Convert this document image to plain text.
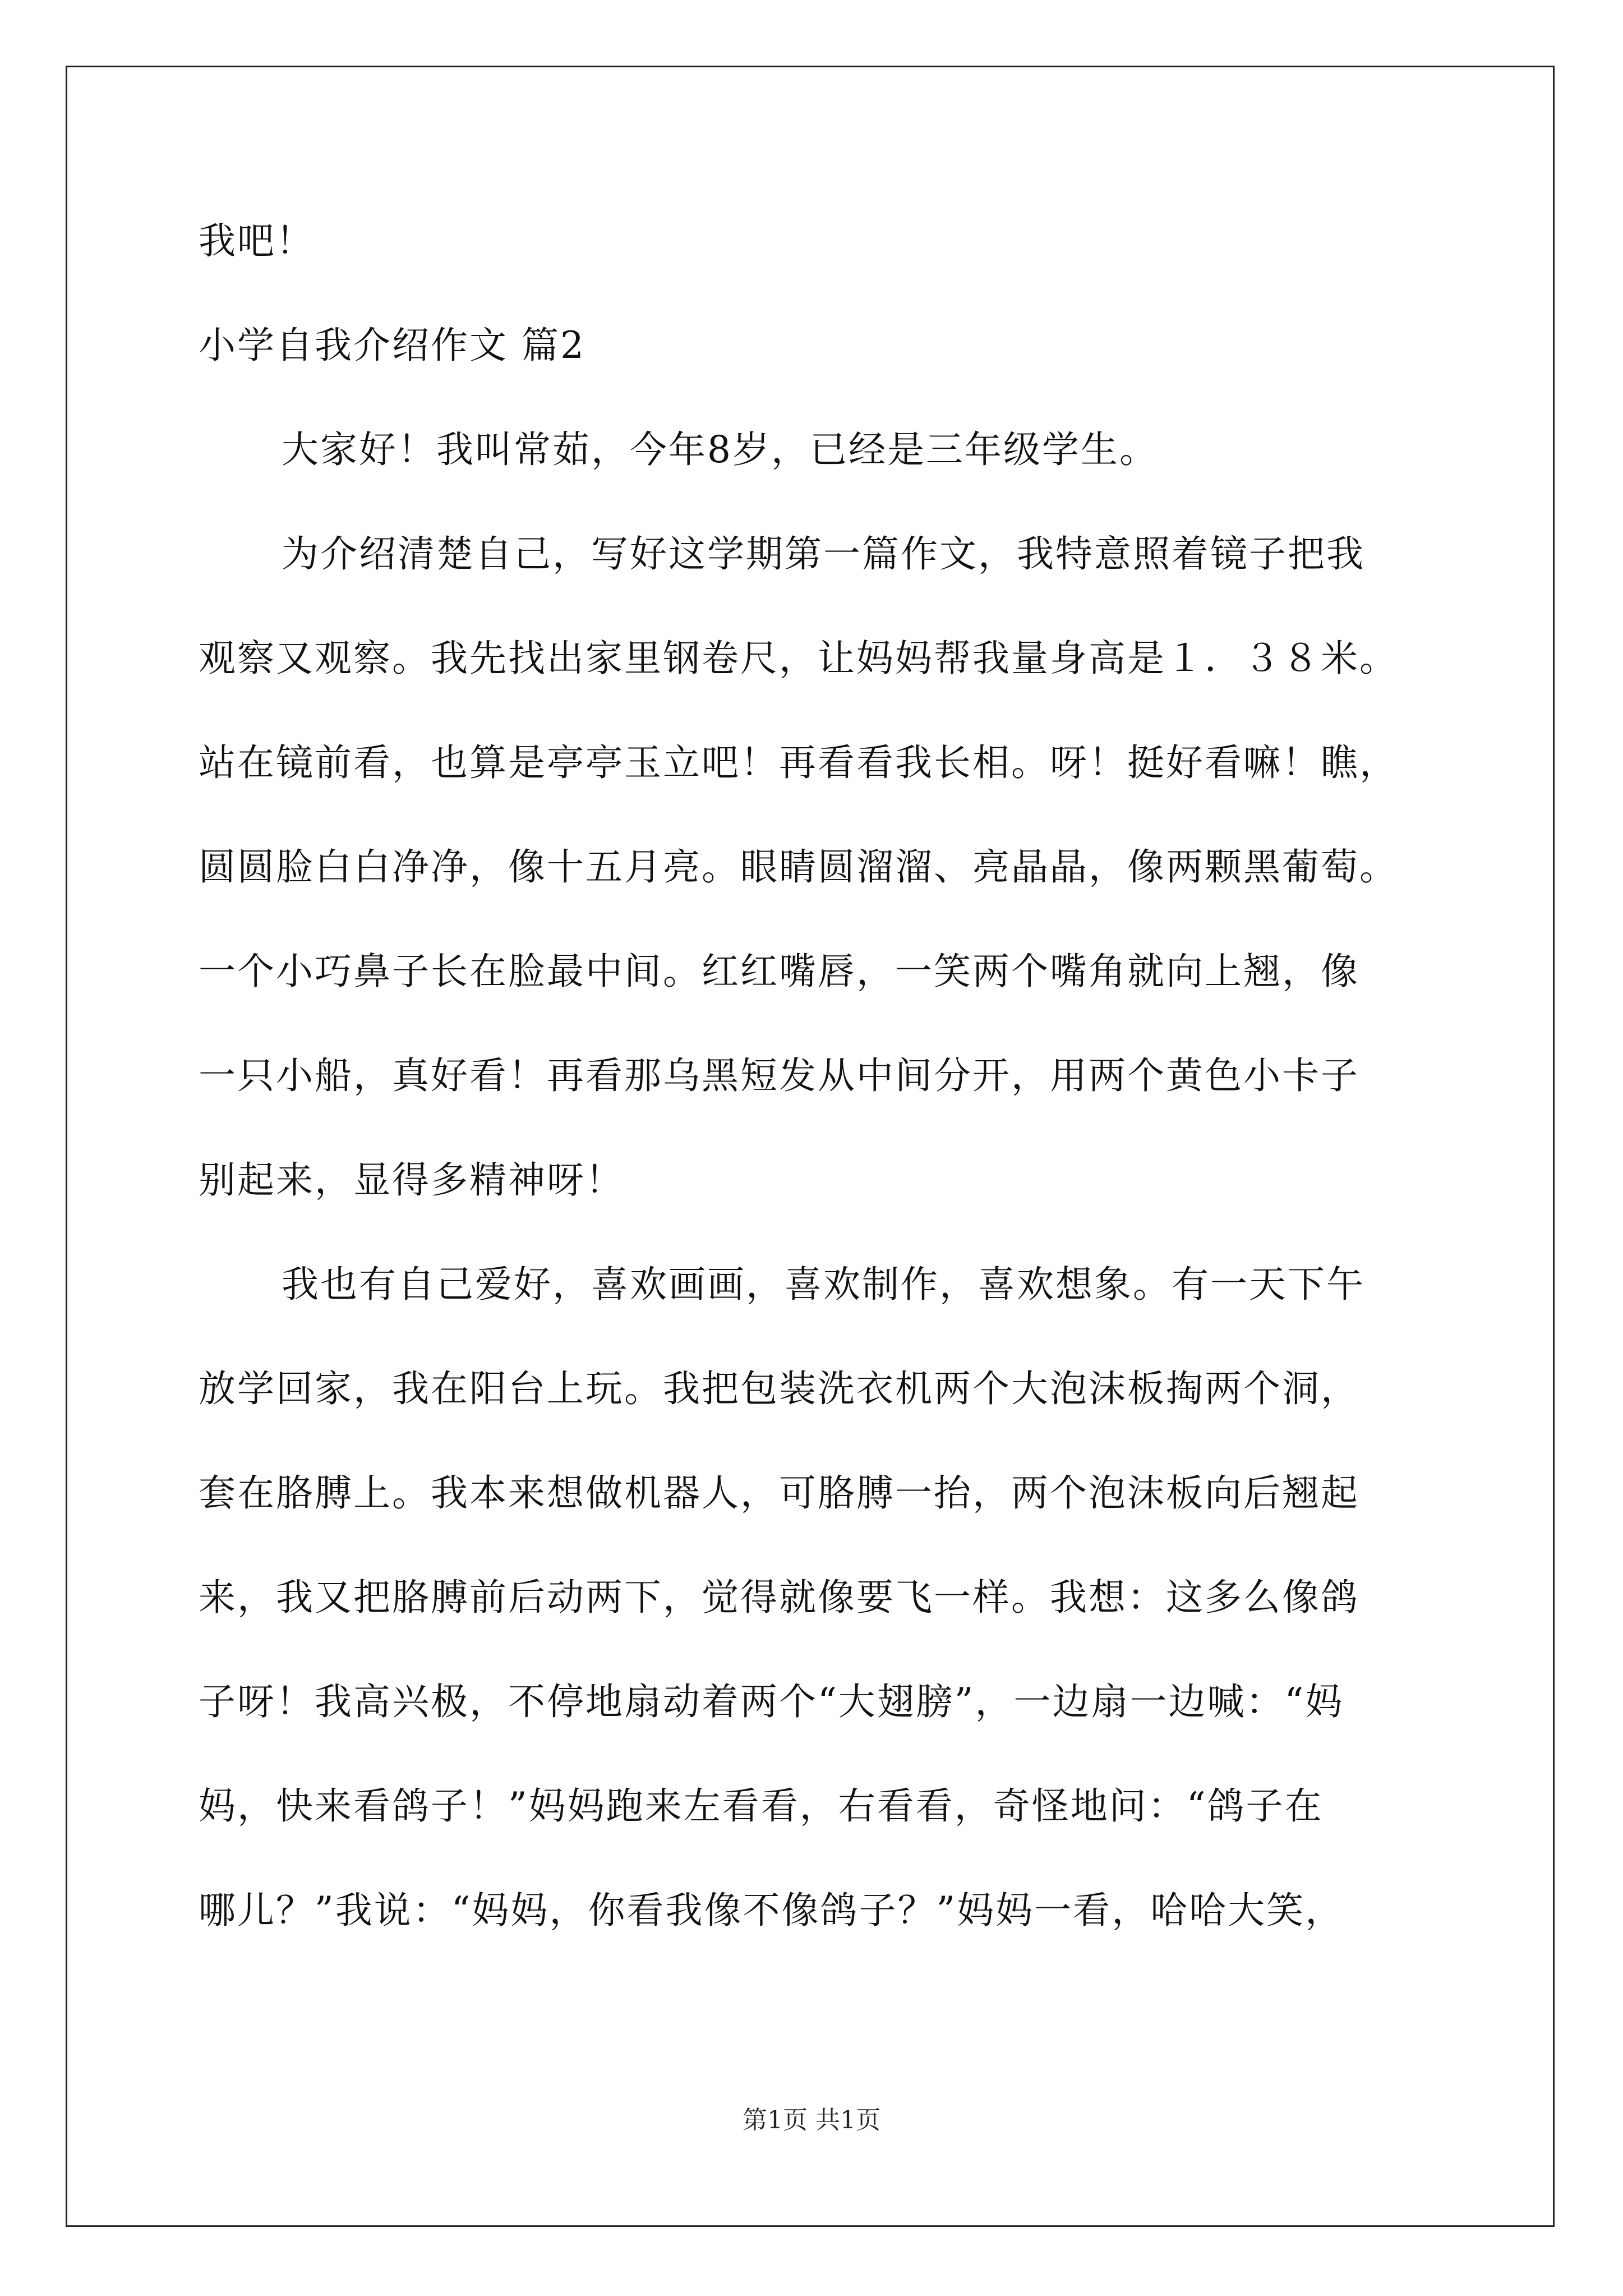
我吧！
小学自我介绍作文 篇2
大家好！我叫常茹，今年8岁，已经是三年级学生。
为介绍清楚自己，写好这学期第一篇作文，我特意照着镜子把我
观察又观察。我先找出家里钢卷尺，让妈妈帮我量身高是１．３８米。
站在镜前看，也算是亭亭玉立吧！再看看我长相。呀！挺好看嘛！瞧，
圆圆脸白白净净，像十五月亮。眼睛圆溜溜、亮晶晶，像两颗黑葡萄。
一个小巧鼻子长在脸最中间。红红嘴唇，一笑两个嘴角就向上翘，像
一只小船，真好看！再看那乌黑短发从中间分开，用两个黄色小卡子
别起来，显得多精神呀！
我也有自己爱好，喜欢画画，喜欢制作，喜欢想象。有一天下午
放学回家，我在阳台上玩。我把包装洗衣机两个大泡沫板掏两个洞，
套在胳膊上。我本来想做机器人，可胳膊一抬，两个泡沫板向后翘起
来，我又把胳膊前后动两下，觉得就像要飞一样。我想：这多么像鸽
子呀！我高兴极，不停地扇动着两个“大翅膀”，一边扇一边喊：“妈
妈，快来看鸽子！”妈妈跑来左看看，右看看，奇怪地问：“鸽子在
哪儿？”我说：“妈妈，你看我像不像鸽子？”妈妈一看，哈哈大笑，
第1页 共1页
